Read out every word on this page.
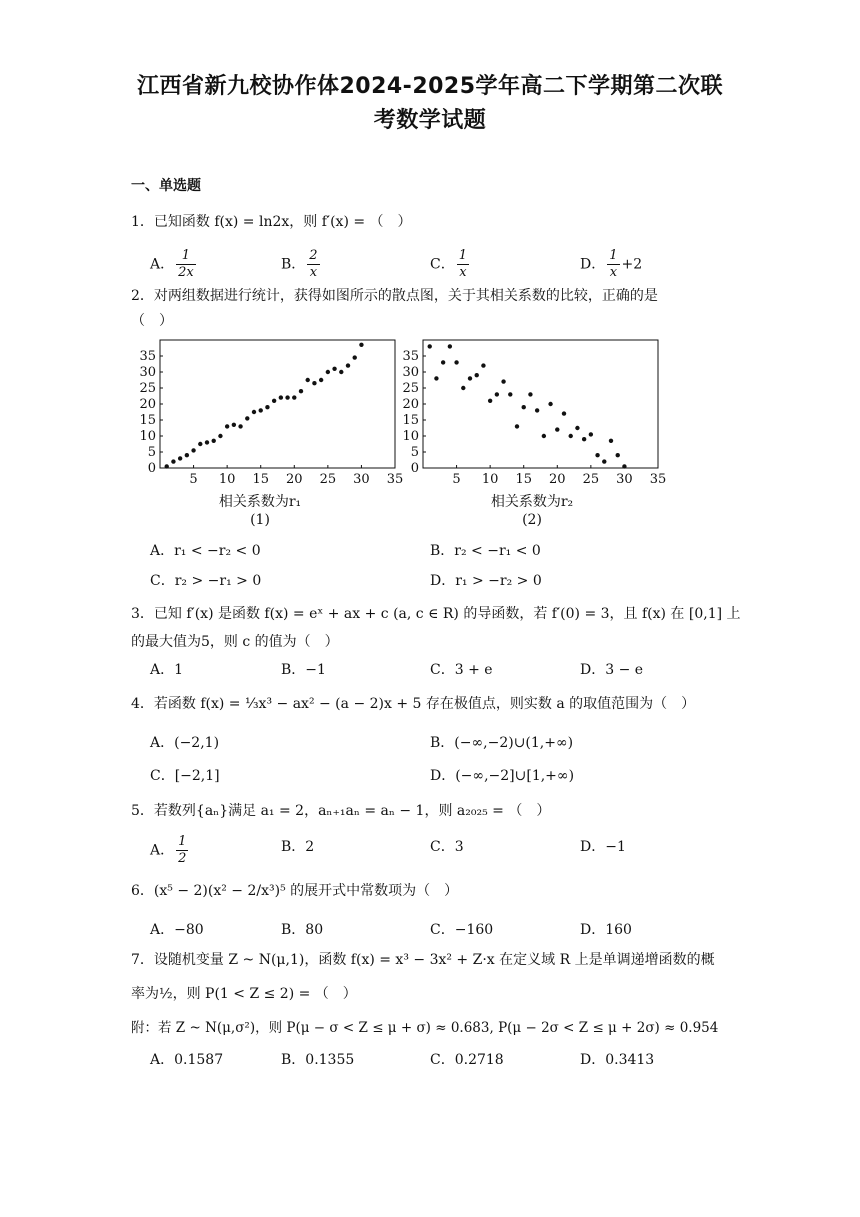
江西省新九校协作体2024-2025学年高二下学期第二次联
考数学试题
一、单选题
1．已知函数 f(x) = ln2x，则 f′(x) = （　）
A． $\frac{1}{2x}$	B． $\frac{2}{x}$	C． $\frac{1}{x}$	D． $\frac{1}{x} +2$
2．对两组数据进行统计，获得如图所示的散点图，关于其相关系数的比较，正确的是
（　）
5 10 15 20 25 30 35
0
5
10
15
20
25
30
35
相关系数为r₁
(1)
5 10 15 20 25 30 35
0
5
10
15
20
25
30
35
相关系数为r₂
(2)
A．r₁ < −r₂ < 0	B．r₂ < −r₁ < 0
C．r₂ > −r₁ > 0	D．r₁ > −r₂ > 0
3．已知 f′(x) 是函数 f(x) = eˣ + ax + c (a, c ∈ R) 的导函数，若 f′(0) = 3，且 f(x) 在 [0,1] 上
的最大值为5，则 c 的值为（　）
A．1	B．−1	C．3 + e	D．3 − e
4．若函数 f(x) = ⅓x³ − ax² − (a − 2)x + 5 存在极值点，则实数 a 的取值范围为（　）
A．(−2,1)	B．(−∞,−2)∪(1,+∞)
C．[−2,1]	D．(−∞,−2]∪[1,+∞)
5．若数列{aₙ}满足 a₁ = 2，aₙ₊₁aₙ = aₙ − 1，则 a₂₀₂₅ = （　）
A． $\frac{1}{2}$	B．2	C．3	D．−1
6．(x⁵ − 2)(x² − 2/x³)⁵ 的展开式中常数项为（　）
A．−80	B．80	C．−160	D．160
7．设随机变量 Z ~ N(μ,1)，函数 f(x) = x³ − 3x² + Z·x 在定义域 R 上是单调递增函数的概
率为½，则 P(1 < Z ≤ 2) = （　）
附：若 Z ~ N(μ,σ²)，则 P(μ − σ < Z ≤ μ + σ) ≈ 0.683, P(μ − 2σ < Z ≤ μ + 2σ) ≈ 0.954
A．0.1587	B．0.1355	C．0.2718	D．0.3413
